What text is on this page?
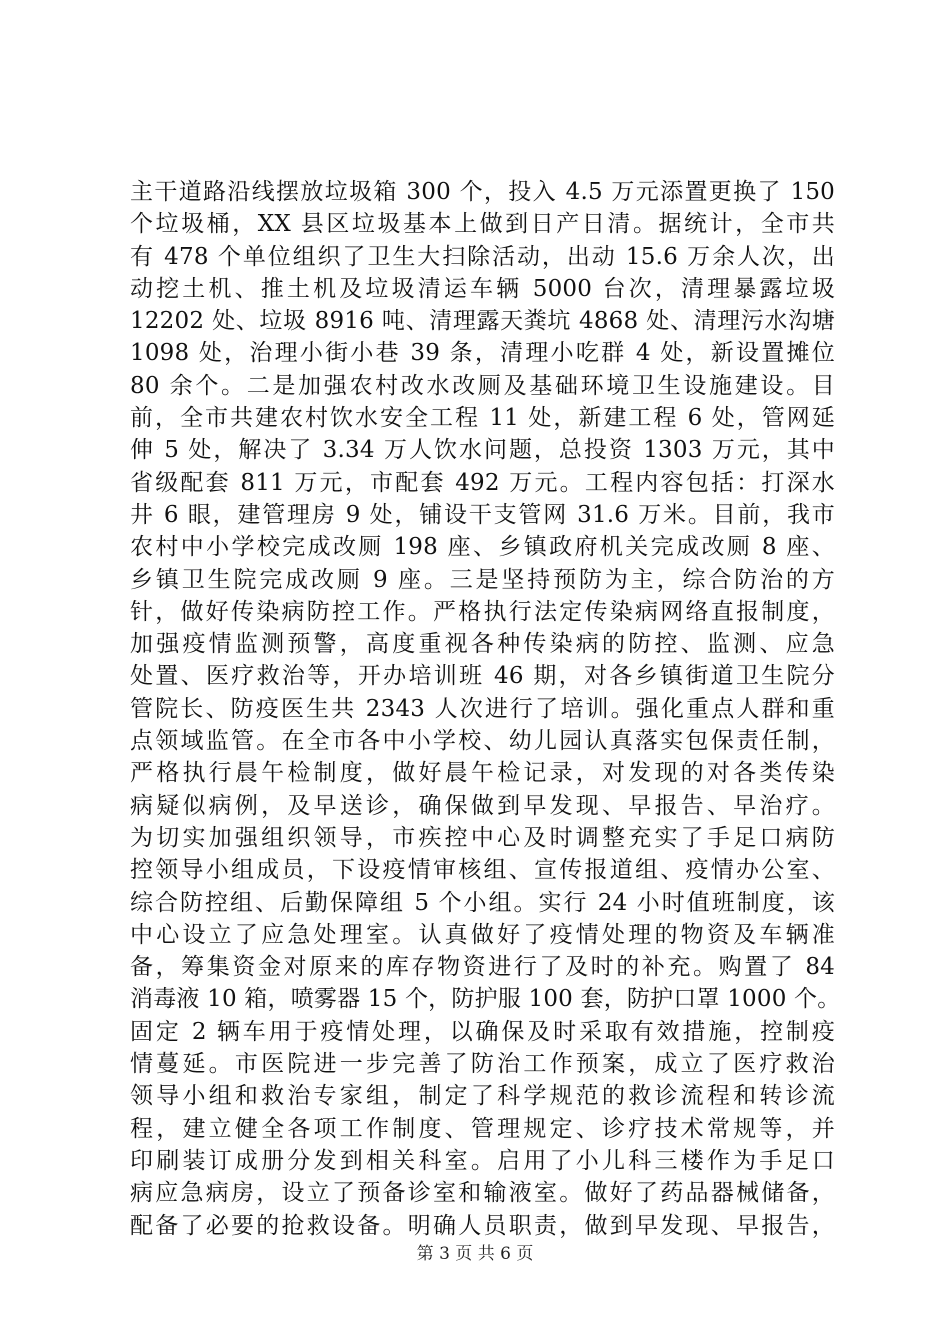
主干道路沿线摆放垃圾箱 300 个，投入 4.5 万元添置更换了 150
个垃圾桶，XX 县区垃圾基本上做到日产日清。据统计，全市共
有 478 个单位组织了卫生大扫除活动，出动 15.6 万余人次，出
动挖土机、推土机及垃圾清运车辆 5000 台次，清理暴露垃圾
12202 处、垃圾 8916 吨、清理露天粪坑 4868 处、清理污水沟塘
1098 处，治理小街小巷 39 条，清理小吃群 4 处，新设置摊位
80 余个。二是加强农村改水改厕及基础环境卫生设施建设。目
前，全市共建农村饮水安全工程 11 处，新建工程 6 处，管网延
伸 5 处，解决了 3.34 万人饮水问题，总投资 1303 万元，其中
省级配套 811 万元，市配套 492 万元。工程内容包括：打深水
井 6 眼，建管理房 9 处，铺设干支管网 31.6 万米。目前，我市
农村中小学校完成改厕 198 座、乡镇政府机关完成改厕 8 座、
乡镇卫生院完成改厕 9 座。三是坚持预防为主，综合防治的方
针，做好传染病防控工作。严格执行法定传染病网络直报制度，
加强疫情监测预警，高度重视各种传染病的防控、监测、应急
处置、医疗救治等，开办培训班 46 期，对各乡镇街道卫生院分
管院长、防疫医生共 2343 人次进行了培训。强化重点人群和重
点领域监管。在全市各中小学校、幼儿园认真落实包保责任制，
严格执行晨午检制度，做好晨午检记录，对发现的对各类传染
病疑似病例，及早送诊，确保做到早发现、早报告、早治疗。
为切实加强组织领导，市疾控中心及时调整充实了手足口病防
控领导小组成员，下设疫情审核组、宣传报道组、疫情办公室、
综合防控组、后勤保障组 5 个小组。实行 24 小时值班制度，该
中心设立了应急处理室。认真做好了疫情处理的物资及车辆准
备，筹集资金对原来的库存物资进行了及时的补充。购置了 84
消毒液 10 箱，喷雾器 15 个，防护服 100 套，防护口罩 1000 个。
固定 2 辆车用于疫情处理，以确保及时采取有效措施，控制疫
情蔓延。市医院进一步完善了防治工作预案，成立了医疗救治
领导小组和救治专家组，制定了科学规范的救诊流程和转诊流
程，建立健全各项工作制度、管理规定、诊疗技术常规等，并
印刷装订成册分发到相关科室。启用了小儿科三楼作为手足口
病应急病房，设立了预备诊室和输液室。做好了药品器械储备，
配备了必要的抢救设备。明确人员职责，做到早发现、早报告，
第 3 页 共 6 页
